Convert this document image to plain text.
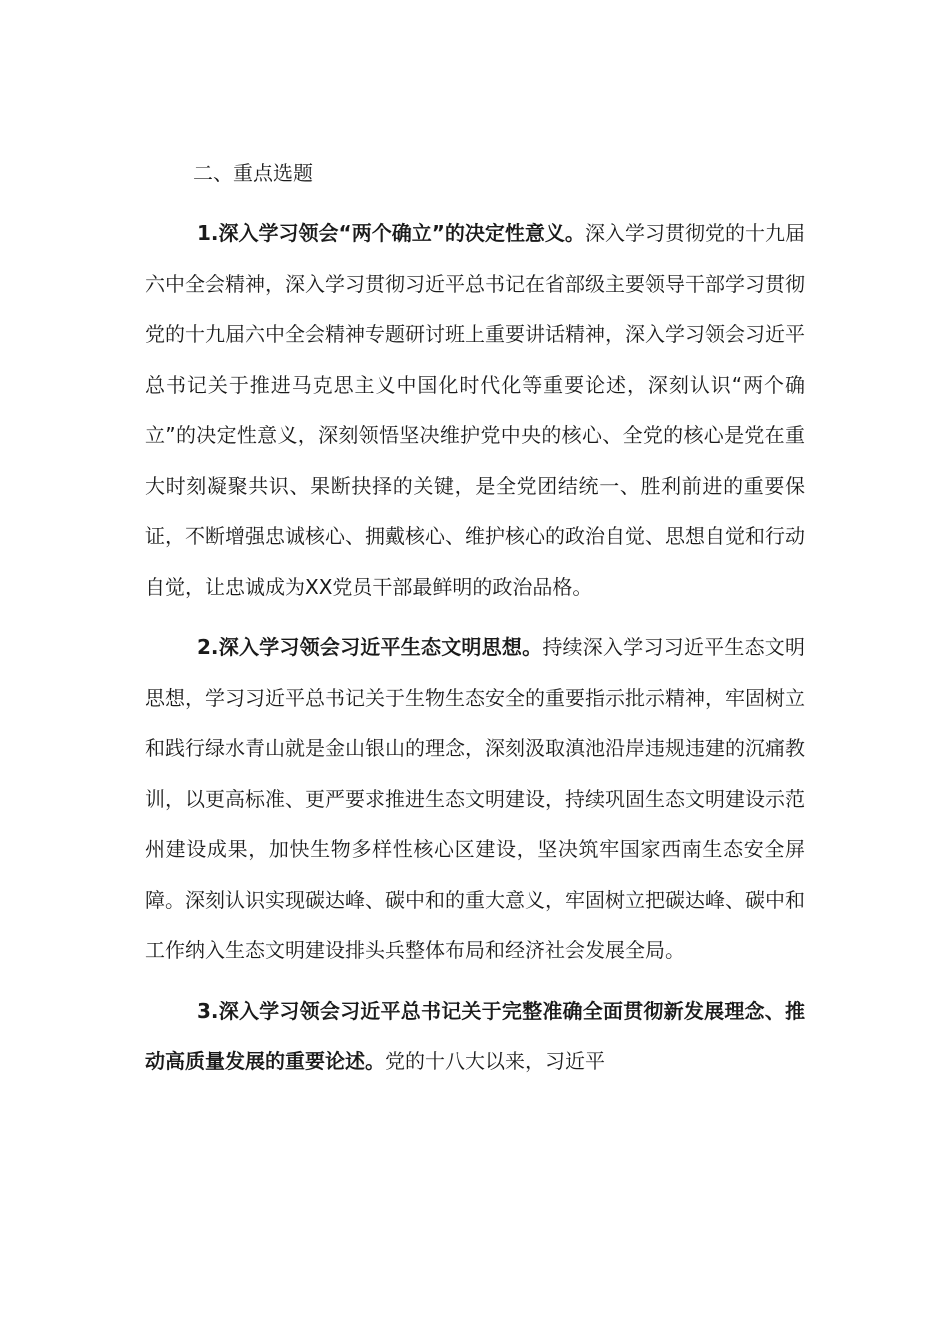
二、重点选题

1.深入学习领会“两个确立”的决定性意义。深入学习贯彻党的十九届六中全会精神，深入学习贯彻习近平总书记在省部级主要领导干部学习贯彻党的十九届六中全会精神专题研讨班上重要讲话精神，深入学习领会习近平总书记关于推进马克思主义中国化时代化等重要论述，深刻认识“两个确立”的决定性意义，深刻领悟坚决维护党中央的核心、全党的核心是党在重大时刻凝聚共识、果断抉择的关键，是全党团结统一、胜利前进的重要保证，不断增强忠诚核心、拥戴核心、维护核心的政治自觉、思想自觉和行动自觉，让忠诚成为XX党员干部最鲜明的政治品格。

2.深入学习领会习近平生态文明思想。持续深入学习习近平生态文明思想，学习习近平总书记关于生物生态安全的重要指示批示精神，牢固树立和践行绿水青山就是金山银山的理念，深刻汲取滇池沿岸违规违建的沉痛教训，以更高标准、更严要求推进生态文明建设，持续巩固生态文明建设示范州建设成果，加快生物多样性核心区建设，坚决筑牢国家西南生态安全屏障。深刻认识实现碳达峰、碳中和的重大意义，牢固树立把碳达峰、碳中和工作纳入生态文明建设排头兵整体布局和经济社会发展全局。

3.深入学习领会习近平总书记关于完整准确全面贯彻新发展理念、推动高质量发展的重要论述。党的十八大以来，习近平
